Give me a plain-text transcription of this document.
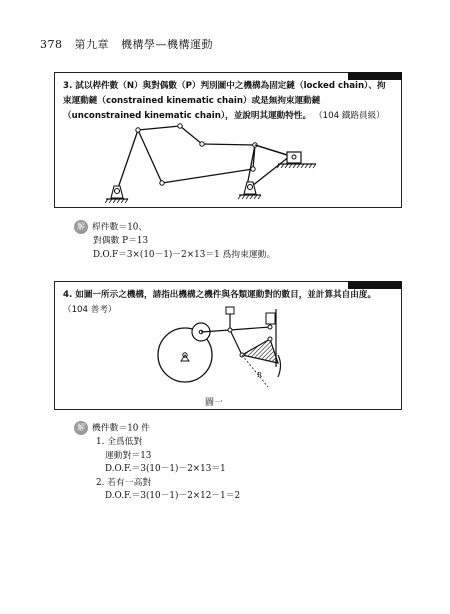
378 第九章 機構學—機構運動
3. 試以桿件數（N）與對偶數（P）判別圖中之機構為固定鏈（locked chain）、拘束運動鏈（constrained kinematic chain）或是無拘束運動鏈（unconstrained kinematic chain），並說明其運動特性。 （104 鐵路員級）
解 桿件數＝10、
對偶數 P＝13
D.O.F＝3×(10－1)－2×13＝1 爲拘束運動。
4. 如圖一所示之機構，請指出機構之機件與各類運動對的數目，並計算其自由度。 （104 普考）
R
圖一
解 機件數＝10 件
1. 全爲低對
運動對＝13
D.O.F.＝3(10－1)－2×13＝1
2. 若有一高對
D.O.F.＝3(10－1)－2×12－1＝2
